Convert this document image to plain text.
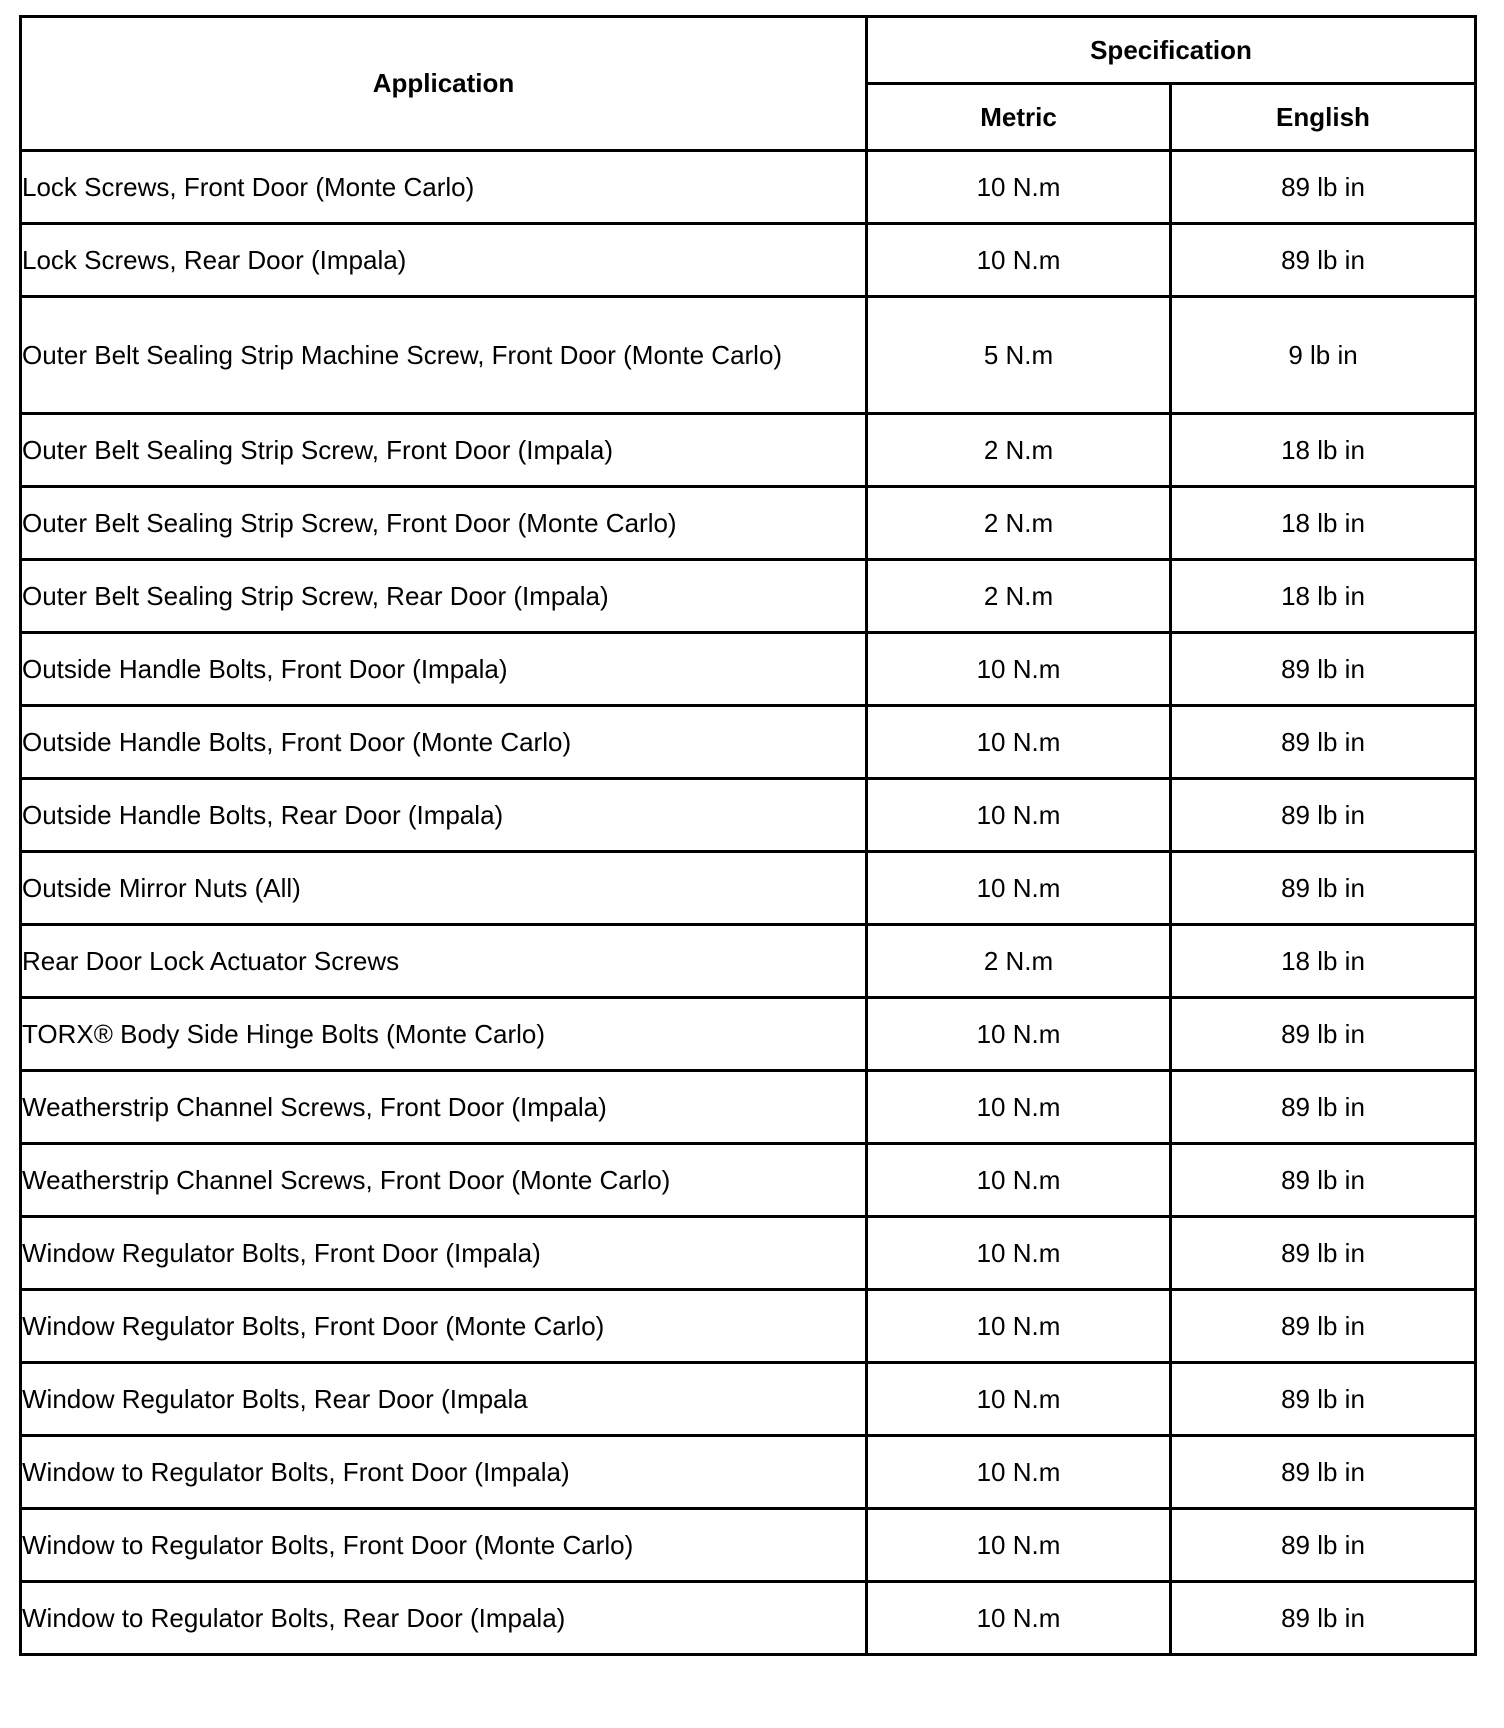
Application	Specification	
	Metric	English
Lock Screws, Front Door (Monte Carlo)	10 N.m	89 lb in
Lock Screws, Rear Door (Impala)	10 N.m	89 lb in
Outer Belt Sealing Strip Machine Screw, Front Door (Monte Carlo)	5 N.m	9 lb in
Outer Belt Sealing Strip Screw, Front Door (Impala)	2 N.m	18 lb in
Outer Belt Sealing Strip Screw, Front Door (Monte Carlo)	2 N.m	18 lb in
Outer Belt Sealing Strip Screw, Rear Door (Impala)	2 N.m	18 lb in
Outside Handle Bolts, Front Door (Impala)	10 N.m	89 lb in
Outside Handle Bolts, Front Door (Monte Carlo)	10 N.m	89 lb in
Outside Handle Bolts, Rear Door (Impala)	10 N.m	89 lb in
Outside Mirror Nuts (All)	10 N.m	89 lb in
Rear Door Lock Actuator Screws	2 N.m	18 lb in
TORX® Body Side Hinge Bolts (Monte Carlo)	10 N.m	89 lb in
Weatherstrip Channel Screws, Front Door (Impala)	10 N.m	89 lb in
Weatherstrip Channel Screws, Front Door (Monte Carlo)	10 N.m	89 lb in
Window Regulator Bolts, Front Door (Impala)	10 N.m	89 lb in
Window Regulator Bolts, Front Door (Monte Carlo)	10 N.m	89 lb in
Window Regulator Bolts, Rear Door (Impala	10 N.m	89 lb in
Window to Regulator Bolts, Front Door (Impala)	10 N.m	89 lb in
Window to Regulator Bolts, Front Door (Monte Carlo)	10 N.m	89 lb in
Window to Regulator Bolts, Rear Door (Impala)	10 N.m	89 lb in
